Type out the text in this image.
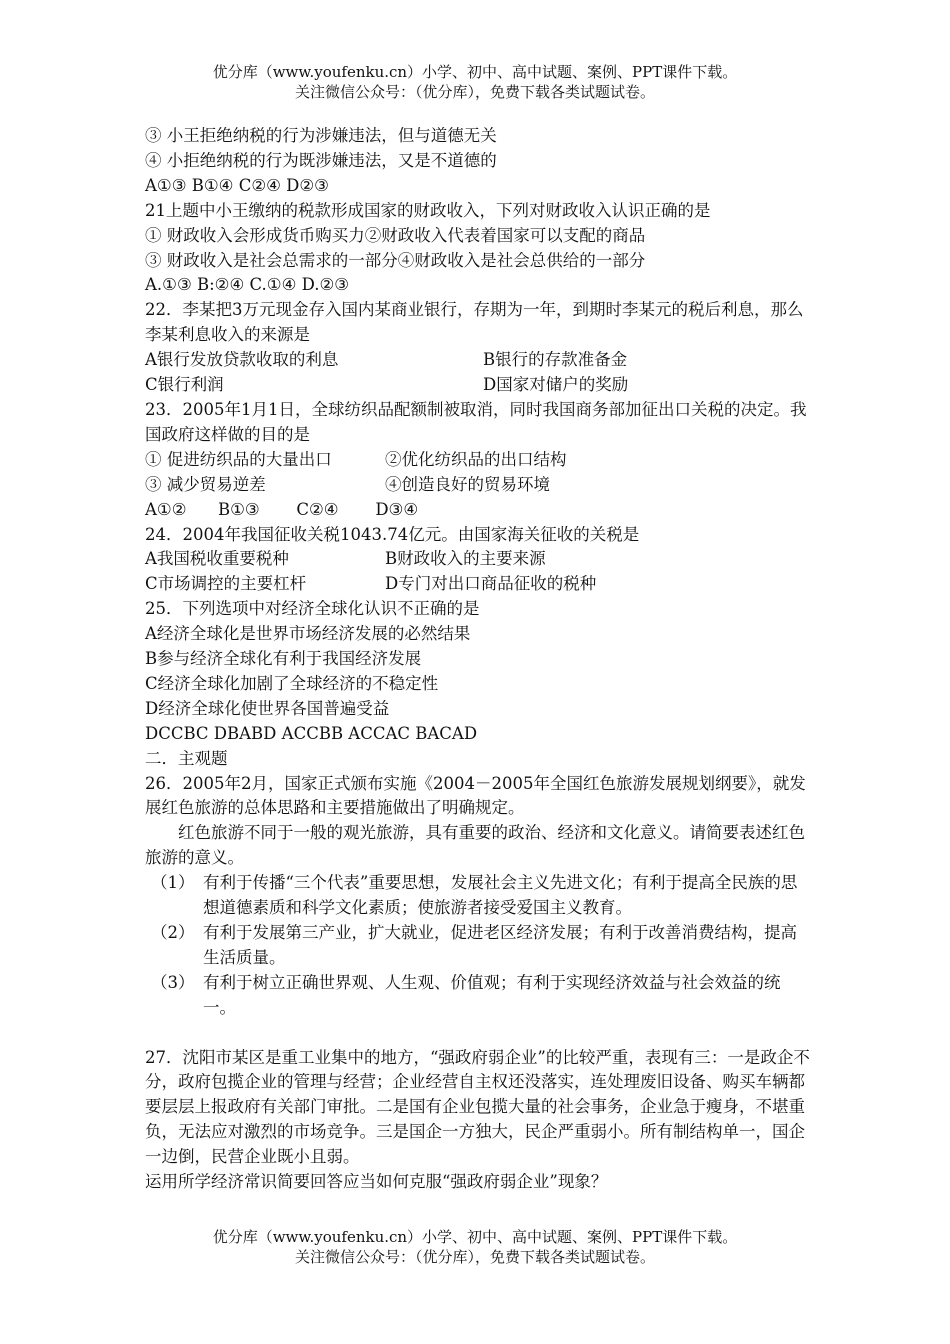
优分库（www.youfenku.cn）小学、初中、高中试题、案例、PPT课件下载。
关注微信公众号：（优分库），免费下载各类试题试卷。
③ 小王拒绝纳税的行为涉嫌违法，但与道德无关
④ 小拒绝纳税的行为既涉嫌违法，又是不道德的
A①③ B①④ C②④ D②③
21上题中小王缴纳的税款形成国家的财政收入，下列对财政收入认识正确的是
① 财政收入会形成货币购买力②财政收入代表着国家可以支配的商品
③ 财政收入是社会总需求的一部分④财政收入是社会总供给的一部分
A.①③ B:②④ C.①④ D.②③
22．李某把3万元现金存入国内某商业银行，存期为一年，到期时李某元的税后利息，那么李某利息收入的来源是
A银行发放贷款收取的利息	B银行的存款准备金
C银行利润	D国家对储户的奖励
23．2005年1月1日，全球纺织品配额制被取消，同时我国商务部加征出口关税的决定。我国政府这样做的目的是
① 促进纺织品的大量出口	②优化纺织品的出口结构
③ 减少贸易逆差	④创造良好的贸易环境
A①②      B①③       C②④       D③④
24．2004年我国征收关税1043.74亿元。由国家海关征收的关税是
A我国税收重要税种	B财政收入的主要来源
C市场调控的主要杠杆	D专门对出口商品征收的税种
25．下列选项中对经济全球化认识不正确的是
A经济全球化是世界市场经济发展的必然结果
B参与经济全球化有利于我国经济发展
C经济全球化加剧了全球经济的不稳定性
D经济全球化使世界各国普遍受益
DCCBC DBABD ACCBB ACCAC BACAD
二．主观题
26．2005年2月，国家正式颁布实施《2004－2005年全国红色旅游发展规划纲要》，就发展红色旅游的总体思路和主要措施做出了明确规定。
红色旅游不同于一般的观光旅游，具有重要的政治、经济和文化意义。请简要表述红色旅游的意义。
（1） 有利于传播“三个代表”重要思想，发展社会主义先进文化；有利于提高全民族的思想道德素质和科学文化素质；使旅游者接受爱国主义教育。
（2） 有利于发展第三产业，扩大就业，促进老区经济发展；有利于改善消费结构，提高生活质量。
（3） 有利于树立正确世界观、人生观、价值观；有利于实现经济效益与社会效益的统一。
27．沈阳市某区是重工业集中的地方，“强政府弱企业”的比较严重，表现有三：一是政企不分，政府包揽企业的管理与经营；企业经营自主权还没落实，连处理废旧设备、购买车辆都要层层上报政府有关部门审批。二是国有企业包揽大量的社会事务，企业急于瘦身，不堪重负，无法应对激烈的市场竞争。三是国企一方独大，民企严重弱小。所有制结构单一，国企一边倒，民营企业既小且弱。
运用所学经济常识简要回答应当如何克服“强政府弱企业”现象？
优分库（www.youfenku.cn）小学、初中、高中试题、案例、PPT课件下载。
关注微信公众号：（优分库），免费下载各类试题试卷。
